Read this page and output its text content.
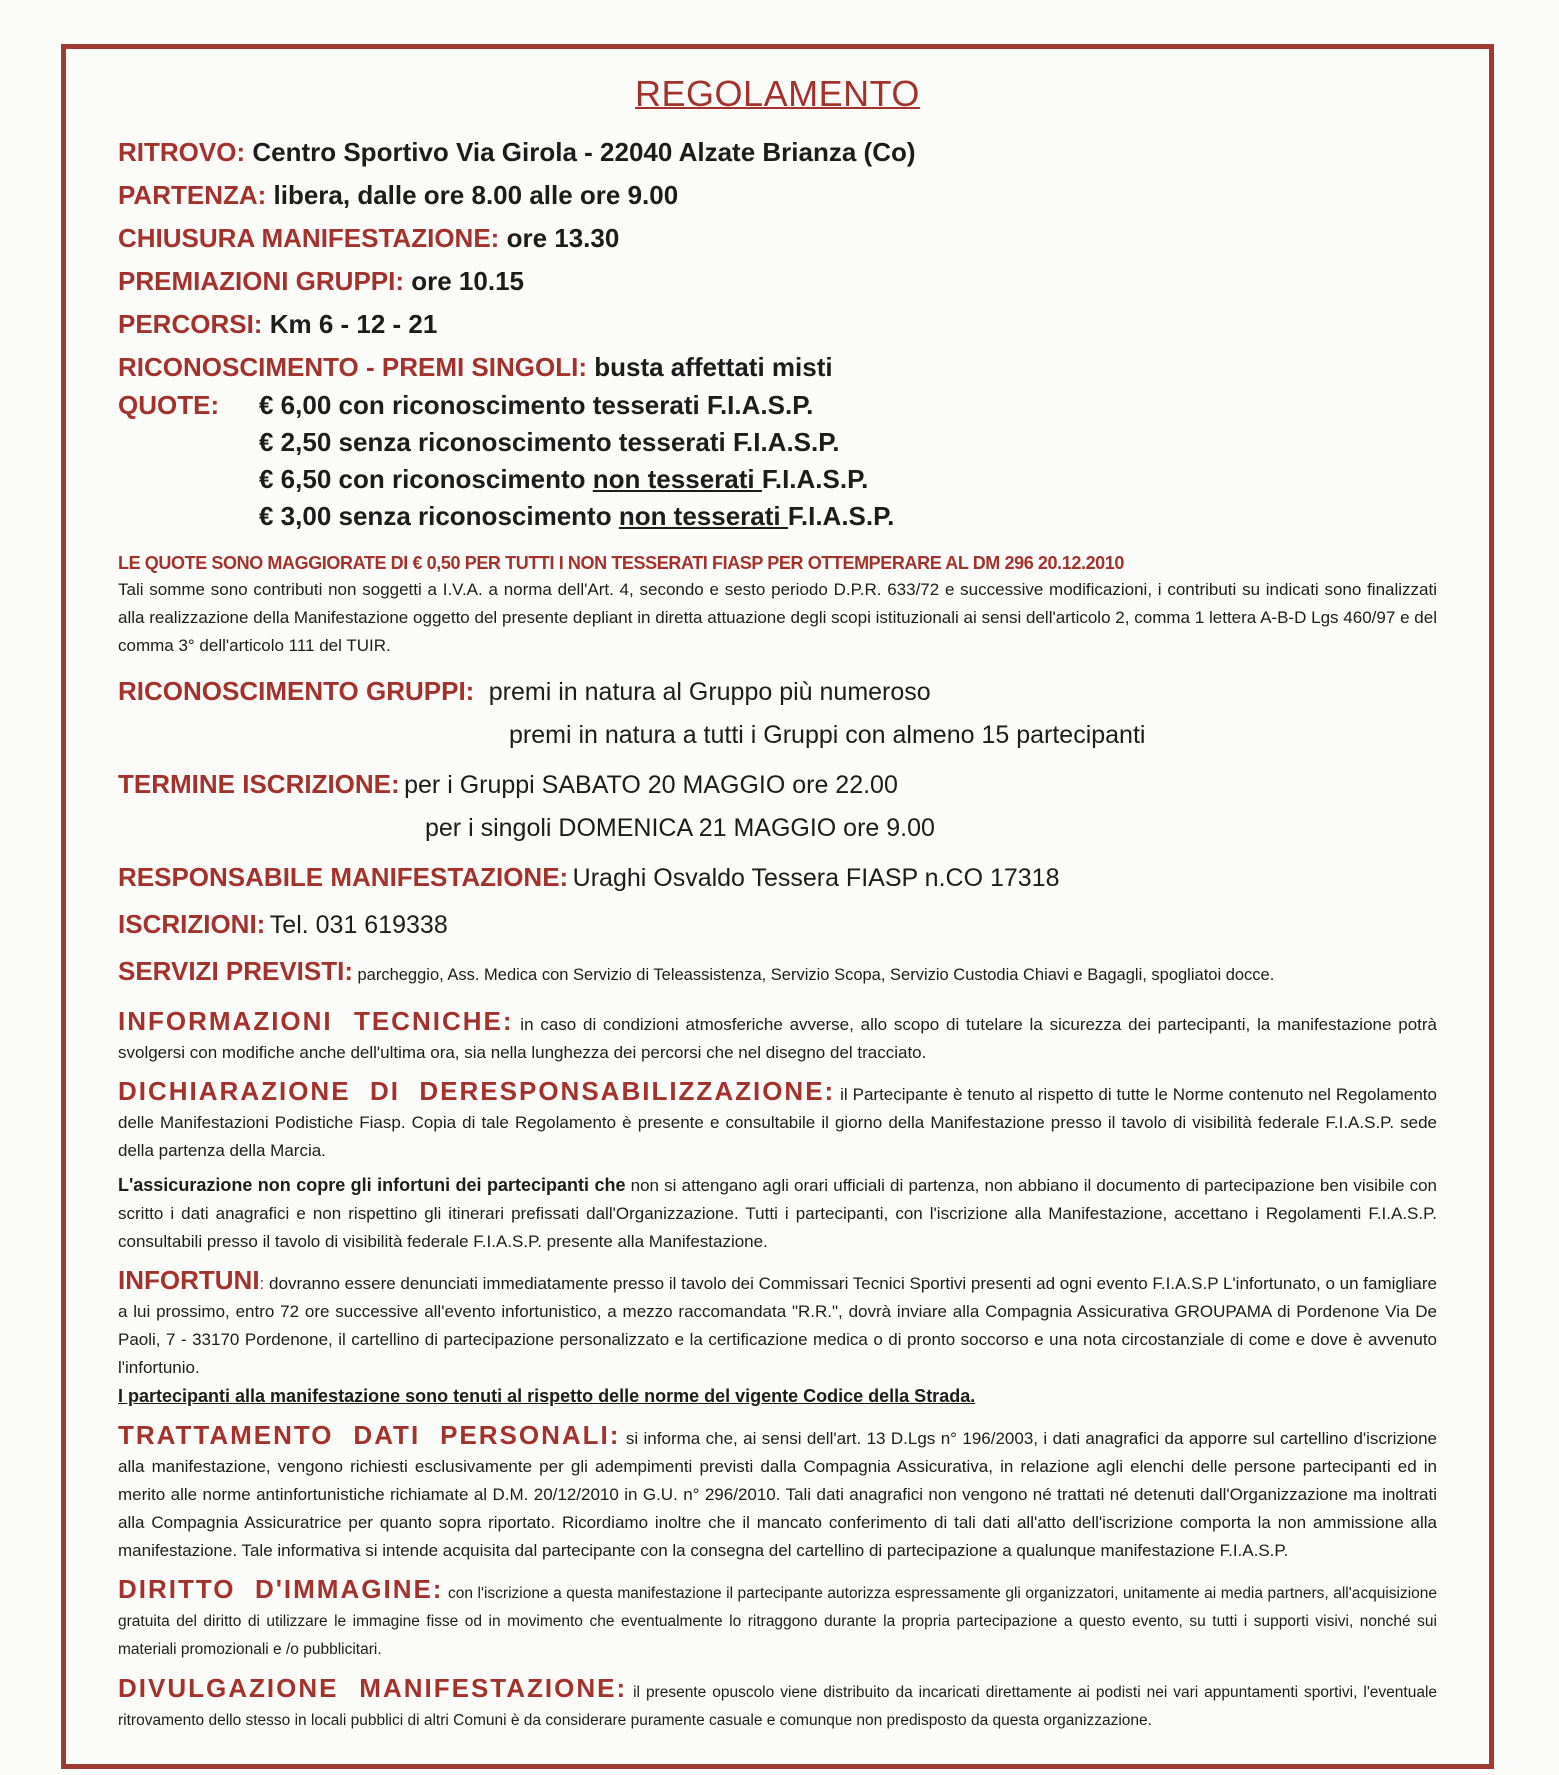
REGOLAMENTO
RITROVO: Centro Sportivo Via Girola - 22040 Alzate Brianza (Co)
PARTENZA: libera, dalle ore 8.00 alle ore 9.00
CHIUSURA MANIFESTAZIONE: ore 13.30
PREMIAZIONI GRUPPI: ore 10.15
PERCORSI: Km 6 - 12 - 21
RICONOSCIMENTO - PREMI SINGOLI: busta affettati misti
QUOTE: € 6,00 con riconoscimento tesserati F.I.A.S.P.
€ 2,50 senza riconoscimento tesserati F.I.A.S.P.
€ 6,50 con riconoscimento non tesserati F.I.A.S.P.
€ 3,00 senza riconoscimento non tesserati F.I.A.S.P.
LE QUOTE SONO MAGGIORATE DI € 0,50 PER TUTTI I NON TESSERATI FIASP PER OTTEMPERARE AL DM 296 20.12.2010
Tali somme sono contributi non soggetti a I.V.A. a norma dell'Art. 4, secondo e sesto periodo D.P.R. 633/72 e successive modificazioni, i contributi su indicati sono finalizzati alla realizzazione della Manifestazione oggetto del presente depliant in diretta attuazione degli scopi istituzionali ai sensi dell'articolo 2, comma 1 lettera A-B-D Lgs 460/97 e del comma 3° dell'articolo 111 del TUIR.
RICONOSCIMENTO GRUPPI: premi in natura al Gruppo più numeroso
premi in natura a tutti i Gruppi con almeno 15 partecipanti
TERMINE ISCRIZIONE: per i Gruppi SABATO 20 MAGGIO ore 22.00
per i singoli DOMENICA 21 MAGGIO ore 9.00
RESPONSABILE MANIFESTAZIONE: Uraghi Osvaldo Tessera FIASP n.CO 17318
ISCRIZIONI: Tel. 031 619338
SERVIZI PREVISTI: parcheggio, Ass. Medica con Servizio di Teleassistenza, Servizio Scopa, Servizio Custodia Chiavi e Bagagli, spogliatoi docce.
INFORMAZIONI TECNICHE: in caso di condizioni atmosferiche avverse, allo scopo di tutelare la sicurezza dei partecipanti, la manifestazione potrà svolgersi con modifiche anche dell'ultima ora, sia nella lunghezza dei percorsi che nel disegno del tracciato.
DICHIARAZIONE DI DERESPONSABILIZZAZIONE: il Partecipante è tenuto al rispetto di tutte le Norme contenuto nel Regolamento delle Manifestazioni Podistiche Fiasp. Copia di tale Regolamento è presente e consultabile il giorno della Manifestazione presso il tavolo di visibilità federale F.I.A.S.P. sede della partenza della Marcia.
L'assicurazione non copre gli infortuni dei partecipanti che non si attengano agli orari ufficiali di partenza, non abbiano il documento di partecipazione ben visibile con scritto i dati anagrafici e non rispettino gli itinerari prefissati dall'Organizzazione. Tutti i partecipanti, con l'iscrizione alla Manifestazione, accettano i Regolamenti F.I.A.S.P. consultabili presso il tavolo di visibilità federale F.I.A.S.P. presente alla Manifestazione.
INFORTUNI: dovranno essere denunciati immediatamente presso il tavolo dei Commissari Tecnici Sportivi presenti ad ogni evento F.I.A.S.P L'infortunato, o un famigliare a lui prossimo, entro 72 ore successive all'evento infortunistico, a mezzo raccomandata "R.R.", dovrà inviare alla Compagnia Assicurativa GROUPAMA di Pordenone Via De Paoli, 7 - 33170 Pordenone, il cartellino di partecipazione personalizzato e la certificazione medica o di pronto soccorso e una nota circostanziale di come e dove è avvenuto l'infortunio.
I partecipanti alla manifestazione sono tenuti al rispetto delle norme del vigente Codice della Strada.
TRATTAMENTO DATI PERSONALI: si informa che, ai sensi dell'art. 13 D.Lgs n° 196/2003, i dati anagrafici da apporre sul cartellino d'iscrizione alla manifestazione, vengono richiesti esclusivamente per gli adempimenti previsti dalla Compagnia Assicurativa, in relazione agli elenchi delle persone partecipanti ed in merito alle norme antinfortunistiche richiamate al D.M. 20/12/2010 in G.U. n° 296/2010. Tali dati anagrafici non vengono né trattati né detenuti dall'Organizzazione ma inoltrati alla Compagnia Assicuratrice per quanto sopra riportato. Ricordiamo inoltre che il mancato conferimento di tali dati all'atto dell'iscrizione comporta la non ammissione alla manifestazione. Tale informativa si intende acquisita dal partecipante con la consegna del cartellino di partecipazione a qualunque manifestazione F.I.A.S.P.
DIRITTO D'IMMAGINE: con l'iscrizione a questa manifestazione il partecipante autorizza espressamente gli organizzatori, unitamente ai media partners, all'acquisizione gratuita del diritto di utilizzare le immagine fisse od in movimento che eventualmente lo ritraggono durante la propria partecipazione a questo evento, su tutti i supporti visivi, nonché sui materiali promozionali e /o pubblicitari.
DIVULGAZIONE MANIFESTAZIONE: il presente opuscolo viene distribuito da incaricati direttamente ai podisti nei vari appuntamenti sportivi, l'eventuale ritrovamento dello stesso in locali pubblici di altri Comuni è da considerare puramente casuale e comunque non predisposto da questa organizzazione.
